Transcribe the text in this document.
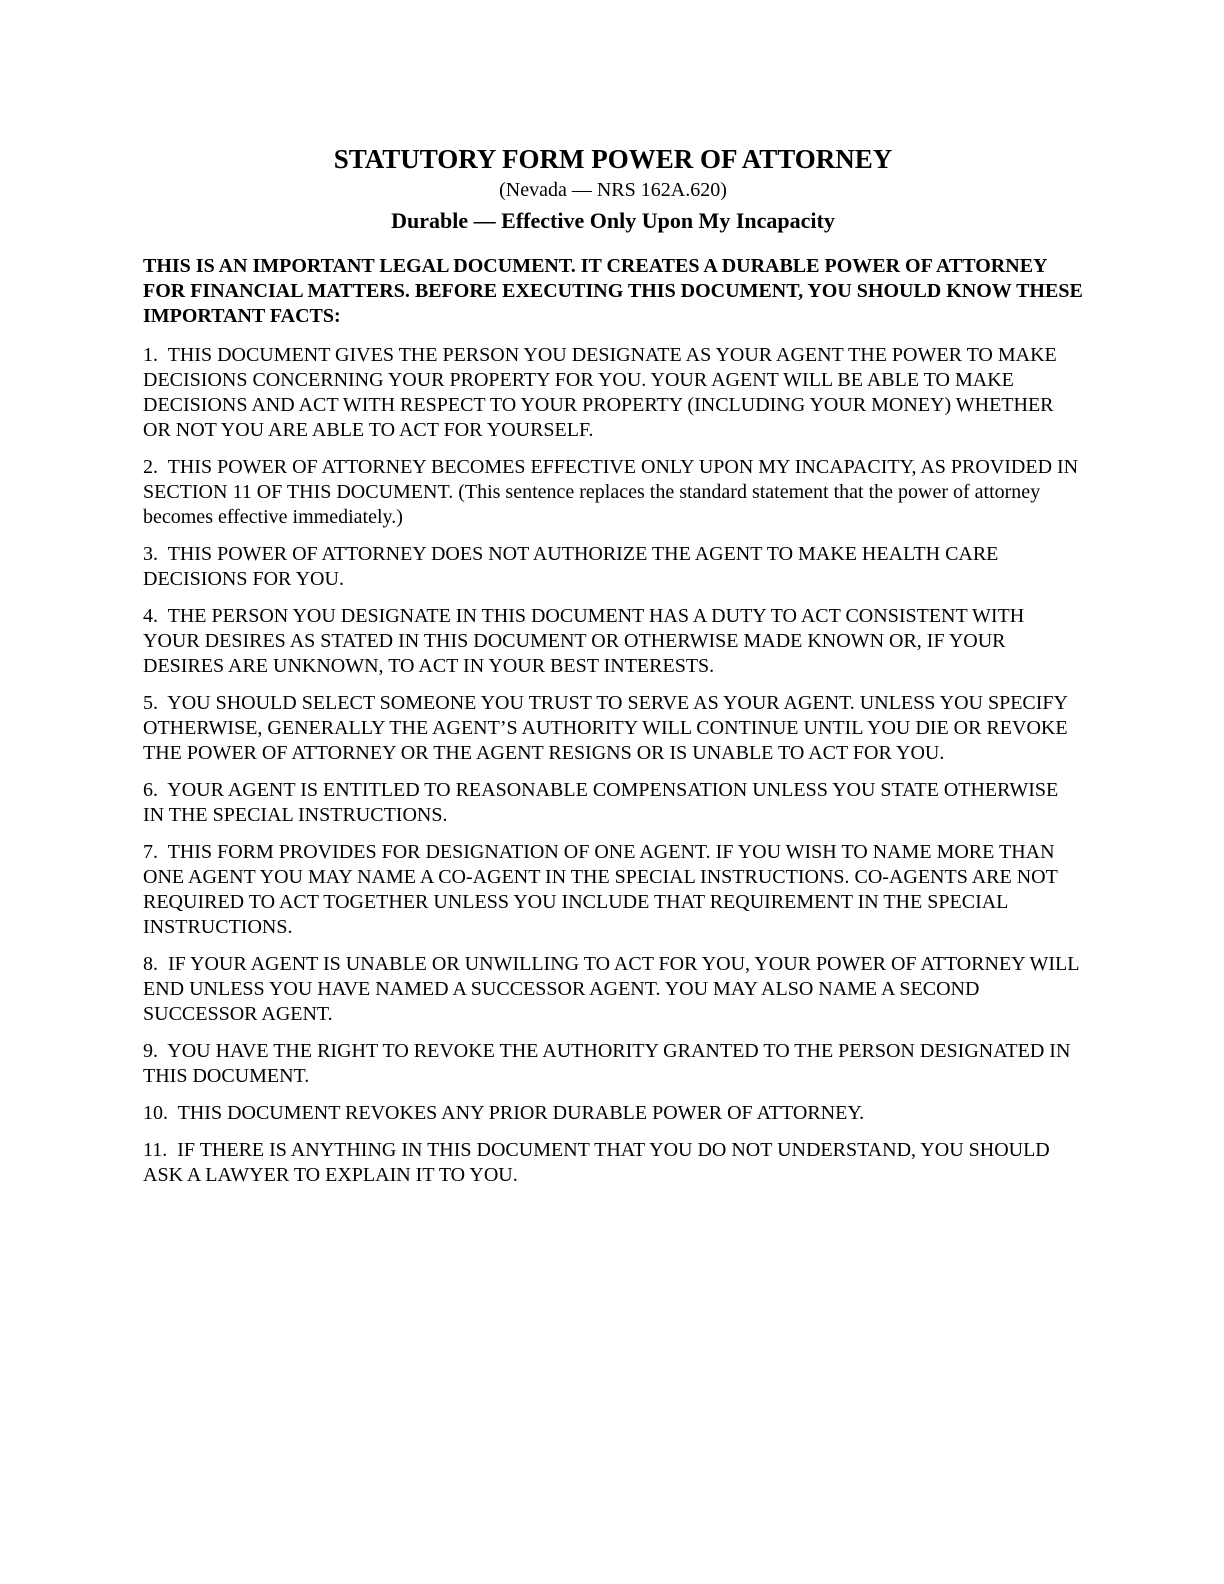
STATUTORY FORM POWER OF ATTORNEY
(Nevada — NRS 162A.620)
Durable — Effective Only Upon My Incapacity

THIS IS AN IMPORTANT LEGAL DOCUMENT. IT CREATES A DURABLE POWER OF ATTORNEY FOR FINANCIAL MATTERS. BEFORE EXECUTING THIS DOCUMENT, YOU SHOULD KNOW THESE IMPORTANT FACTS:

1. THIS DOCUMENT GIVES THE PERSON YOU DESIGNATE AS YOUR AGENT THE POWER TO MAKE DECISIONS CONCERNING YOUR PROPERTY FOR YOU. YOUR AGENT WILL BE ABLE TO MAKE DECISIONS AND ACT WITH RESPECT TO YOUR PROPERTY (INCLUDING YOUR MONEY) WHETHER OR NOT YOU ARE ABLE TO ACT FOR YOURSELF.
2. THIS POWER OF ATTORNEY BECOMES EFFECTIVE ONLY UPON MY INCAPACITY, AS PROVIDED IN SECTION 11 OF THIS DOCUMENT. (This sentence replaces the standard statement that the power of attorney becomes effective immediately.)
3. THIS POWER OF ATTORNEY DOES NOT AUTHORIZE THE AGENT TO MAKE HEALTH CARE DECISIONS FOR YOU.
4. THE PERSON YOU DESIGNATE IN THIS DOCUMENT HAS A DUTY TO ACT CONSISTENT WITH YOUR DESIRES AS STATED IN THIS DOCUMENT OR OTHERWISE MADE KNOWN OR, IF YOUR DESIRES ARE UNKNOWN, TO ACT IN YOUR BEST INTERESTS.
5. YOU SHOULD SELECT SOMEONE YOU TRUST TO SERVE AS YOUR AGENT. UNLESS YOU SPECIFY OTHERWISE, GENERALLY THE AGENT’S AUTHORITY WILL CONTINUE UNTIL YOU DIE OR REVOKE THE POWER OF ATTORNEY OR THE AGENT RESIGNS OR IS UNABLE TO ACT FOR YOU.
6. YOUR AGENT IS ENTITLED TO REASONABLE COMPENSATION UNLESS YOU STATE OTHERWISE IN THE SPECIAL INSTRUCTIONS.
7. THIS FORM PROVIDES FOR DESIGNATION OF ONE AGENT. IF YOU WISH TO NAME MORE THAN ONE AGENT YOU MAY NAME A CO-AGENT IN THE SPECIAL INSTRUCTIONS. CO-AGENTS ARE NOT REQUIRED TO ACT TOGETHER UNLESS YOU INCLUDE THAT REQUIREMENT IN THE SPECIAL INSTRUCTIONS.
8. IF YOUR AGENT IS UNABLE OR UNWILLING TO ACT FOR YOU, YOUR POWER OF ATTORNEY WILL END UNLESS YOU HAVE NAMED A SUCCESSOR AGENT. YOU MAY ALSO NAME A SECOND SUCCESSOR AGENT.
9. YOU HAVE THE RIGHT TO REVOKE THE AUTHORITY GRANTED TO THE PERSON DESIGNATED IN THIS DOCUMENT.
10. THIS DOCUMENT REVOKES ANY PRIOR DURABLE POWER OF ATTORNEY.
11. IF THERE IS ANYTHING IN THIS DOCUMENT THAT YOU DO NOT UNDERSTAND, YOU SHOULD ASK A LAWYER TO EXPLAIN IT TO YOU.
